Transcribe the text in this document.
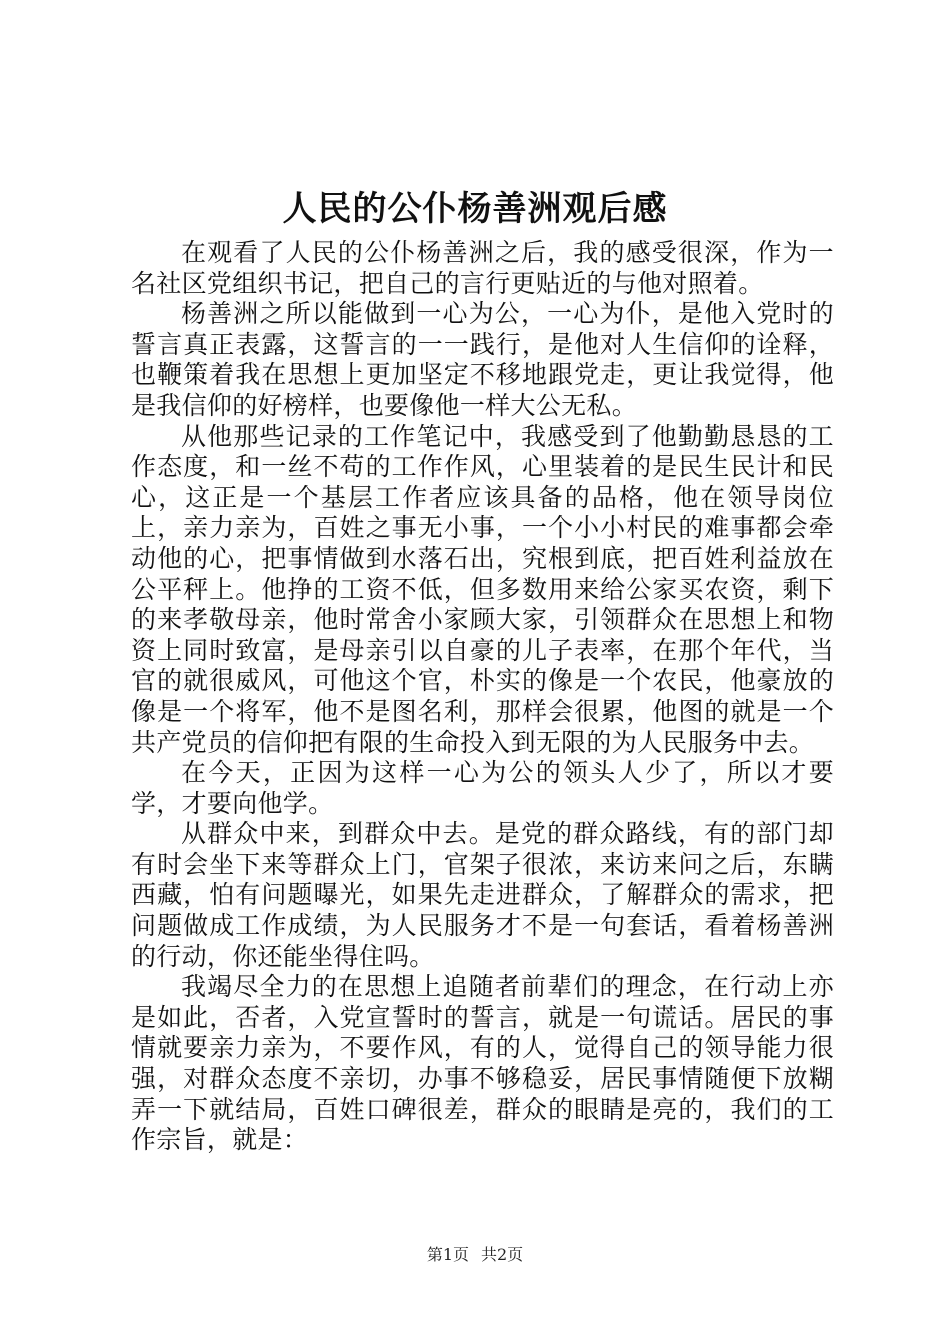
人民的公仆杨善洲观后感

在观看了人民的公仆杨善洲之后，我的感受很深，作为一名社区党组织书记，把自己的言行更贴近的与他对照着。

杨善洲之所以能做到一心为公，一心为仆，是他入党时的誓言真正表露，这誓言的一一践行，是他对人生信仰的诠释，也鞭策着我在思想上更加坚定不移地跟党走，更让我觉得，他是我信仰的好榜样，也要像他一样大公无私。

从他那些记录的工作笔记中，我感受到了他勤勤恳恳的工作态度，和一丝不苟的工作作风，心里装着的是民生民计和民心，这正是一个基层工作者应该具备的品格，他在领导岗位上，亲力亲为，百姓之事无小事，一个小小村民的难事都会牵动他的心，把事情做到水落石出，究根到底，把百姓利益放在公平秤上。他挣的工资不低，但多数用来给公家买农资，剩下的来孝敬母亲，他时常舍小家顾大家，引领群众在思想上和物资上同时致富，是母亲引以自豪的儿子表率，在那个年代，当官的就很威风，可他这个官，朴实的像是一个农民，他豪放的像是一个将军，他不是图名利，那样会很累，他图的就是一个共产党员的信仰把有限的生命投入到无限的为人民服务中去。

在今天，正因为这样一心为公的领头人少了，所以才要学，才要向他学。

从群众中来，到群众中去。是党的群众路线，有的部门却有时会坐下来等群众上门，官架子很浓，来访来问之后，东瞒西藏，怕有问题曝光，如果先走进群众，了解群众的需求，把问题做成工作成绩，为人民服务才不是一句套话，看着杨善洲的行动，你还能坐得住吗。

我竭尽全力的在思想上追随者前辈们的理念，在行动上亦是如此，否者，入党宣誓时的誓言，就是一句谎话。居民的事情就要亲力亲为，不要作风，有的人，觉得自己的领导能力很强，对群众态度不亲切，办事不够稳妥，居民事情随便下放糊弄一下就结局，百姓口碑很差，群众的眼睛是亮的，我们的工作宗旨，就是：

第1页 共2页
